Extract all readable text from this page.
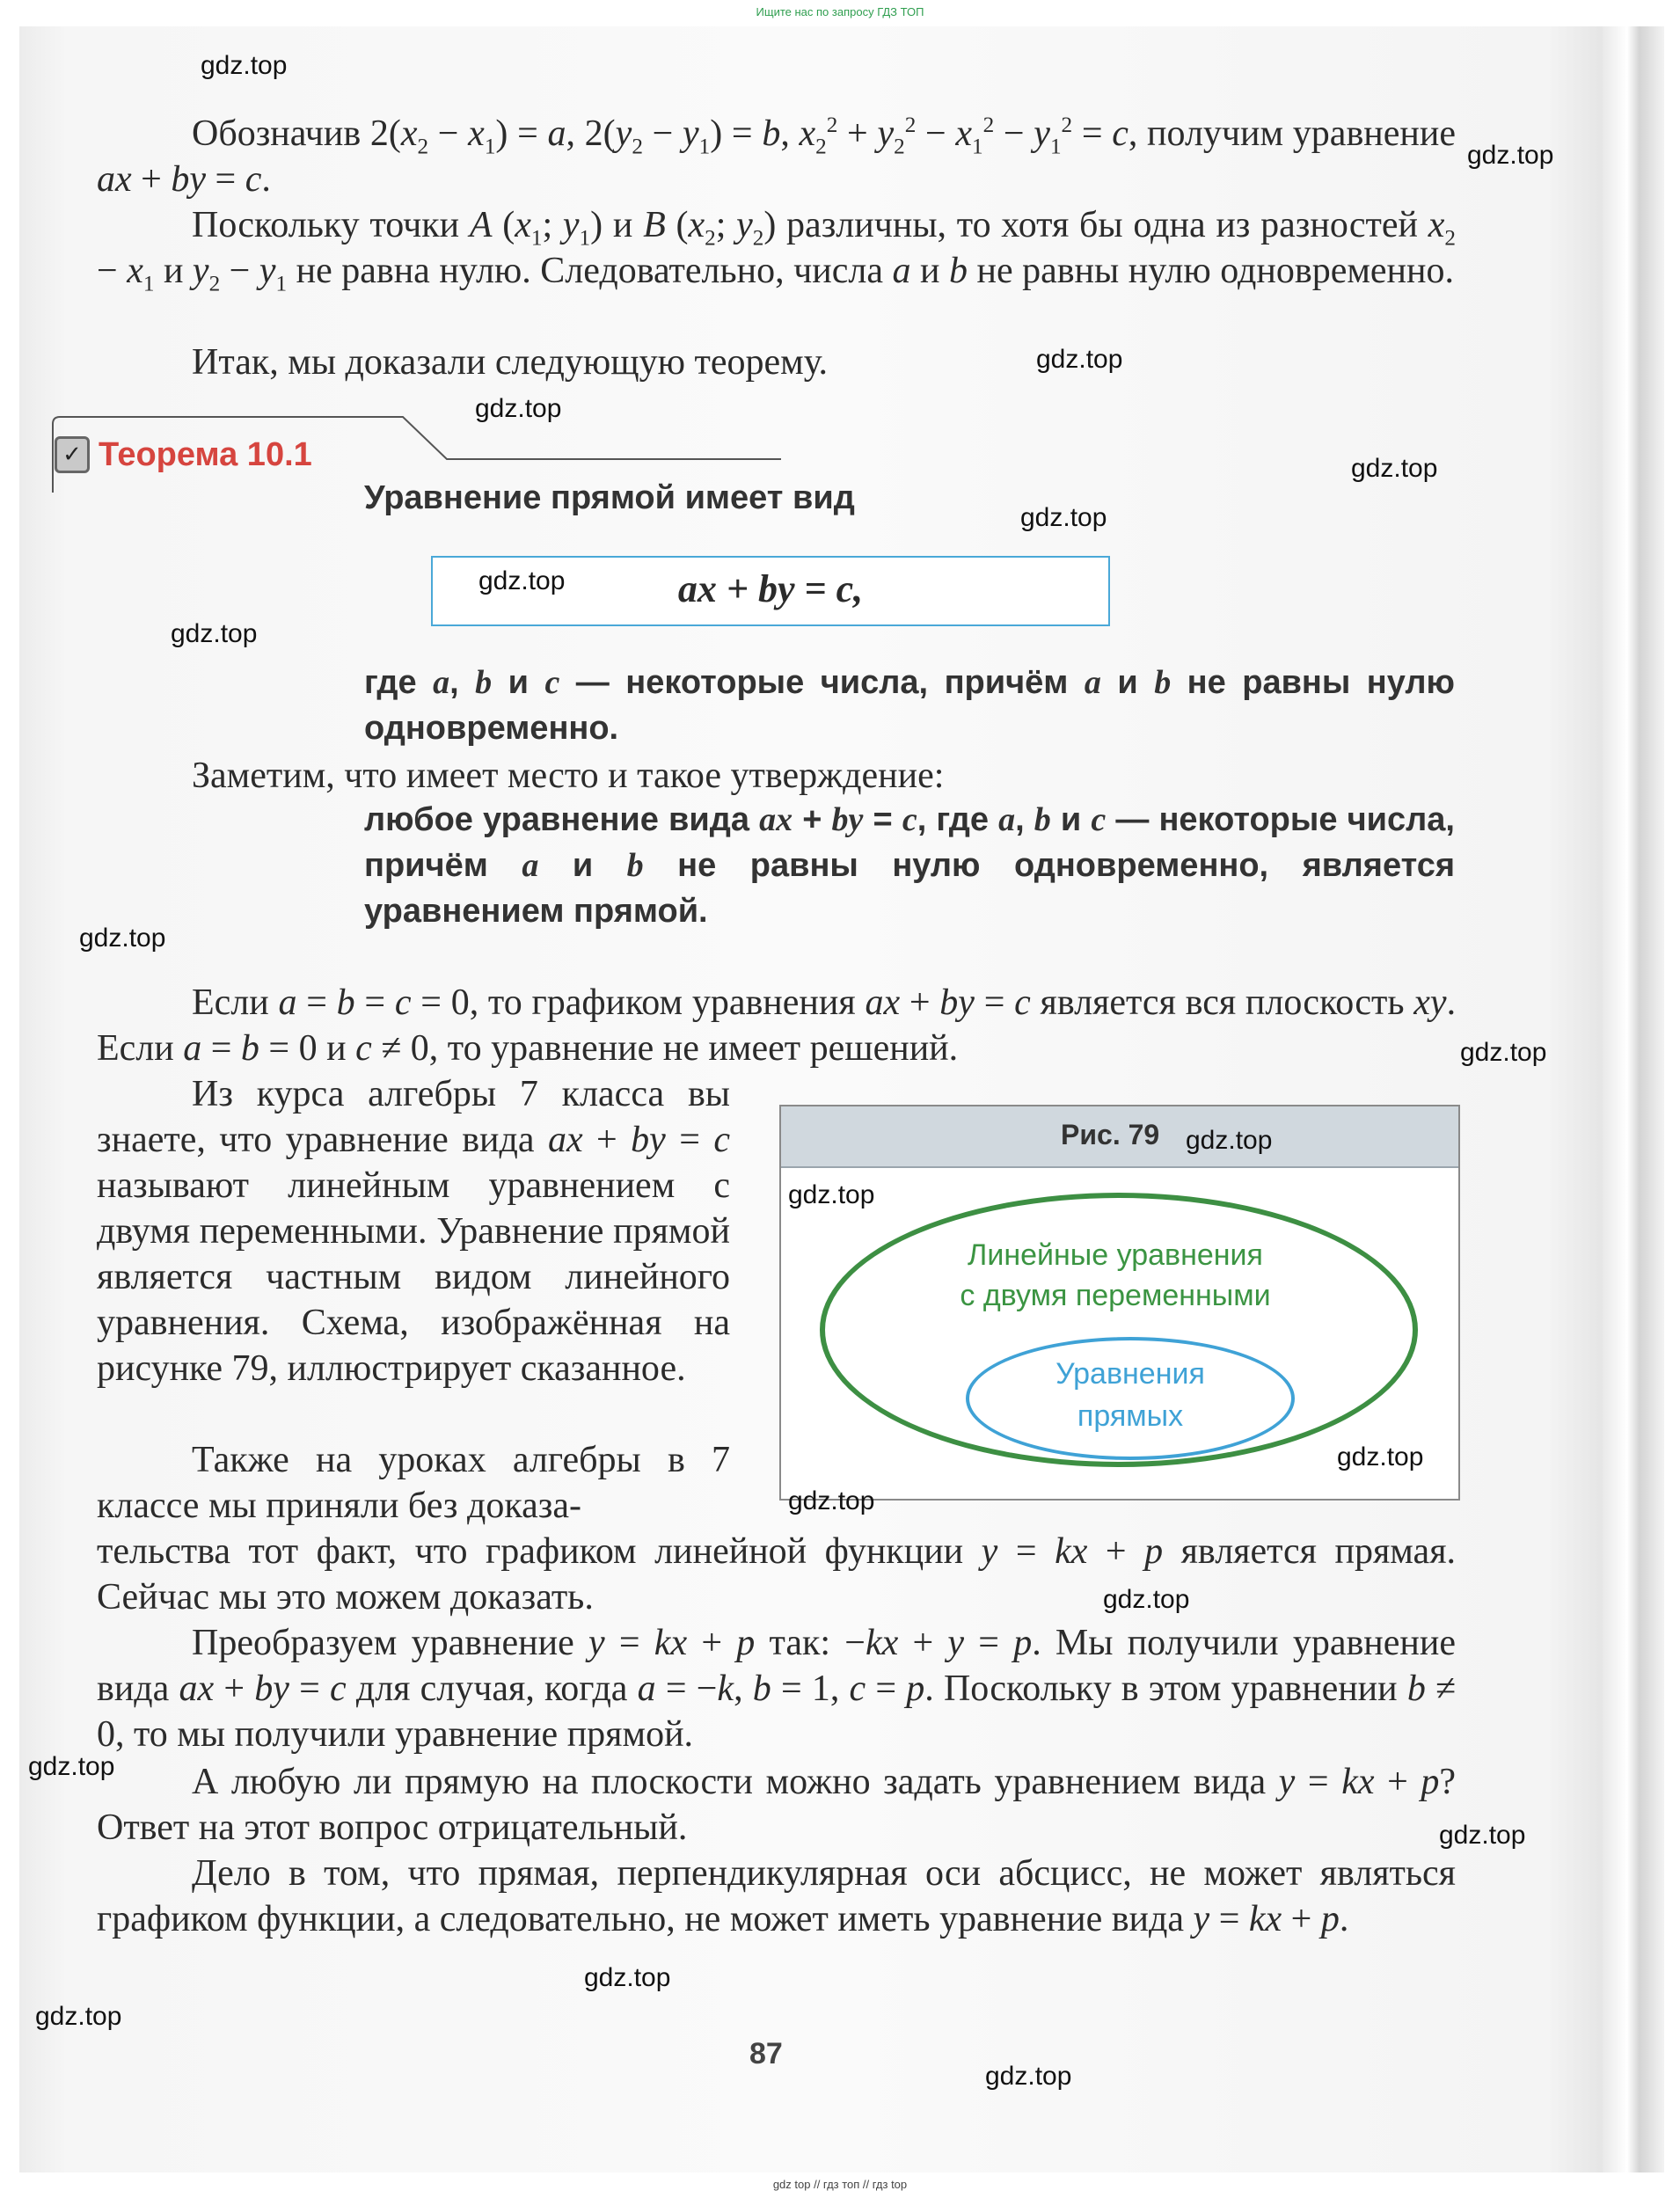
Ищите нас по запросу ГДЗ ТОП

Обозначив $2(x_2 - x_1) = a$, $2(y_2 - y_1) = b$, $x_2^2 + y_2^2 - x_1^2 - y_1^2 = c$, получим уравнение ax + by = c.

Поскольку точки A ($x_1$; $y_1$) и B ($x_2$; $y_2$) различны, то хотя бы одна из разностей $x_2 - x_1$ и $y_2 - y_1$ не равна нулю. Следовательно, числа a и b не равны нулю одновременно.

Итак, мы доказали следующую теорему.

✓ Теорема 10.1

Уравнение прямой имеет вид

ax + by = c,

где a, b и c — некоторые числа, причём a и b не равны нулю одновременно.

Заметим, что имеет место и такое утверждение:

любое уравнение вида ax + by = c, где a, b и c — некоторые числа, причём a и b не равны нулю одновременно, является уравнением прямой.

Если a = b = c = 0, то графиком уравнения ax + by = c является вся плоскость xy. Если a = b = 0 и c ≠ 0, то уравнение не имеет решений.

Из курса алгебры 7 класса вы знаете, что уравнение вида ax + by = c называют линейным уравнением с двумя переменными. Уравнение прямой является частным видом линейного уравнения. Схема, изображённая на рисунке 79, иллюстрирует сказанное.

Также на уроках алгебры в 7 классе мы приняли без доказа-

тельства тот факт, что графиком линейной функции y = kx + p является прямая. Сейчас мы это можем доказать.

Преобразуем уравнение y = kx + p так: −kx + y = p. Мы получили уравнение вида ax + by = c для случая, когда a = −k, b = 1, c = p. Поскольку в этом уравнении b ≠ 0, то мы получили уравнение прямой.

А любую ли прямую на плоскости можно задать уравнением вида y = kx + p? Ответ на этот вопрос отрицательный.

Дело в том, что прямая, перпендикулярная оси абсцисс, не может являться графиком функции, а следовательно, не может иметь уравнение вида y = kx + p.

Рис. 79
Линейные уравнения
с двумя переменными
Уравнения
прямых
87
gdz.top
gdz.top
gdz.top
gdz.top
gdz.top
gdz.top
gdz.top
gdz.top
gdz.top
gdz.top
gdz.top
gdz.top
gdz.top
gdz.top
gdz.top
gdz.top
gdz.top
gdz.top
gdz.top
gdz.top
gdz top // гдз топ // гдз top
